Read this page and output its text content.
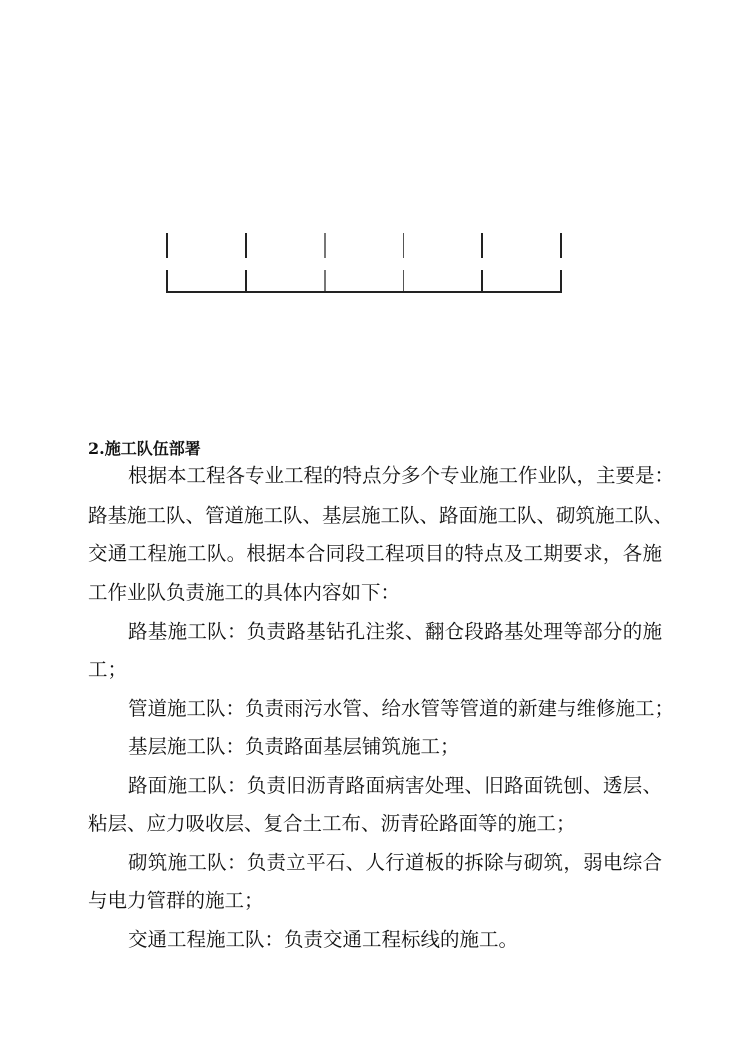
2.施工队伍部署
根据本工程各专业工程的特点分多个专业施工作业队，主要是：
路基施工队、管道施工队、基层施工队、路面施工队、砌筑施工队、
交通工程施工队。根据本合同段工程项目的特点及工期要求，各施
工作业队负责施工的具体内容如下：
路基施工队：负责路基钻孔注浆、翻仓段路基处理等部分的施
工；
管道施工队：负责雨污水管、给水管等管道的新建与维修施工；
基层施工队：负责路面基层铺筑施工；
路面施工队：负责旧沥青路面病害处理、旧路面铣刨、透层、
粘层、应力吸收层、复合土工布、沥青砼路面等的施工；
砌筑施工队：负责立平石、人行道板的拆除与砌筑，弱电综合
与电力管群的施工；
交通工程施工队：负责交通工程标线的施工。
